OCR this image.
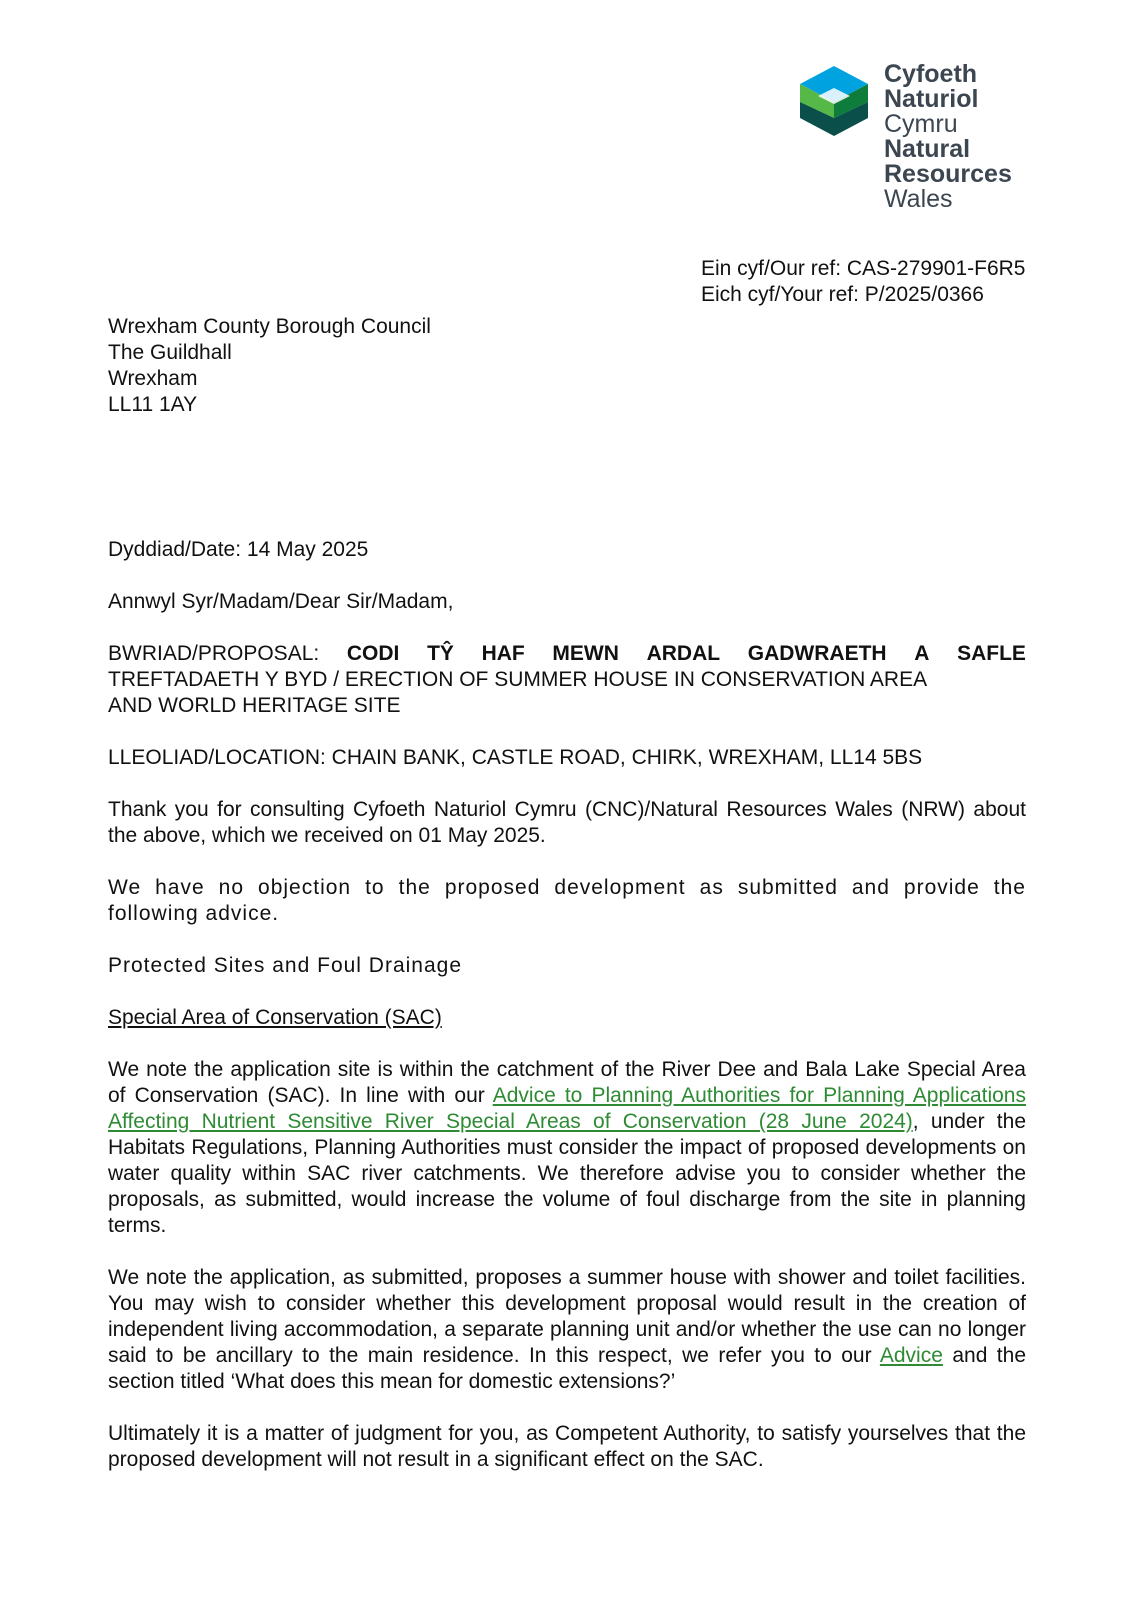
Cyfoeth
Naturiol
Cymru
Natural
Resources
Wales
Ein cyf/Our ref: CAS-279901-F6R5
Eich cyf/Your ref: P/2025/0366
Wrexham County Borough Council
The Guildhall
Wrexham
LL11 1AY
Dyddiad/Date: 14 May 2025
Annwyl Syr/Madam/Dear Sir/Madam,
BWRIAD/PROPOSAL: CODI TŶ HAF MEWN ARDAL GADWRAETH A SAFLE
TREFTADAETH Y BYD / ERECTION OF SUMMER HOUSE IN CONSERVATION AREA
AND WORLD HERITAGE SITE
LLEOLIAD/LOCATION: CHAIN BANK, CASTLE ROAD, CHIRK, WREXHAM, LL14 5BS
Thank you for consulting Cyfoeth Naturiol Cymru (CNC)/Natural Resources Wales (NRW) about the above, which we received on 01 May 2025.
We have no objection to the proposed development as submitted and provide the following advice.
Protected Sites and Foul Drainage
Special Area of Conservation (SAC)
We note the application site is within the catchment of the River Dee and Bala Lake Special Area of Conservation (SAC). In line with our Advice to Planning Authorities for Planning Applications Affecting Nutrient Sensitive River Special Areas of Conservation (28 June 2024), under the Habitats Regulations, Planning Authorities must consider the impact of proposed developments on water quality within SAC river catchments. We therefore advise you to consider whether the proposals, as submitted, would increase the volume of foul discharge from the site in planning terms.
We note the application, as submitted, proposes a summer house with shower and toilet facilities. You may wish to consider whether this development proposal would result in the creation of independent living accommodation, a separate planning unit and/or whether the use can no longer said to be ancillary to the main residence. In this respect, we refer you to our Advice and the section titled ‘What does this mean for domestic extensions?’
Ultimately it is a matter of judgment for you, as Competent Authority, to satisfy yourselves that the proposed development will not result in a significant effect on the SAC.
